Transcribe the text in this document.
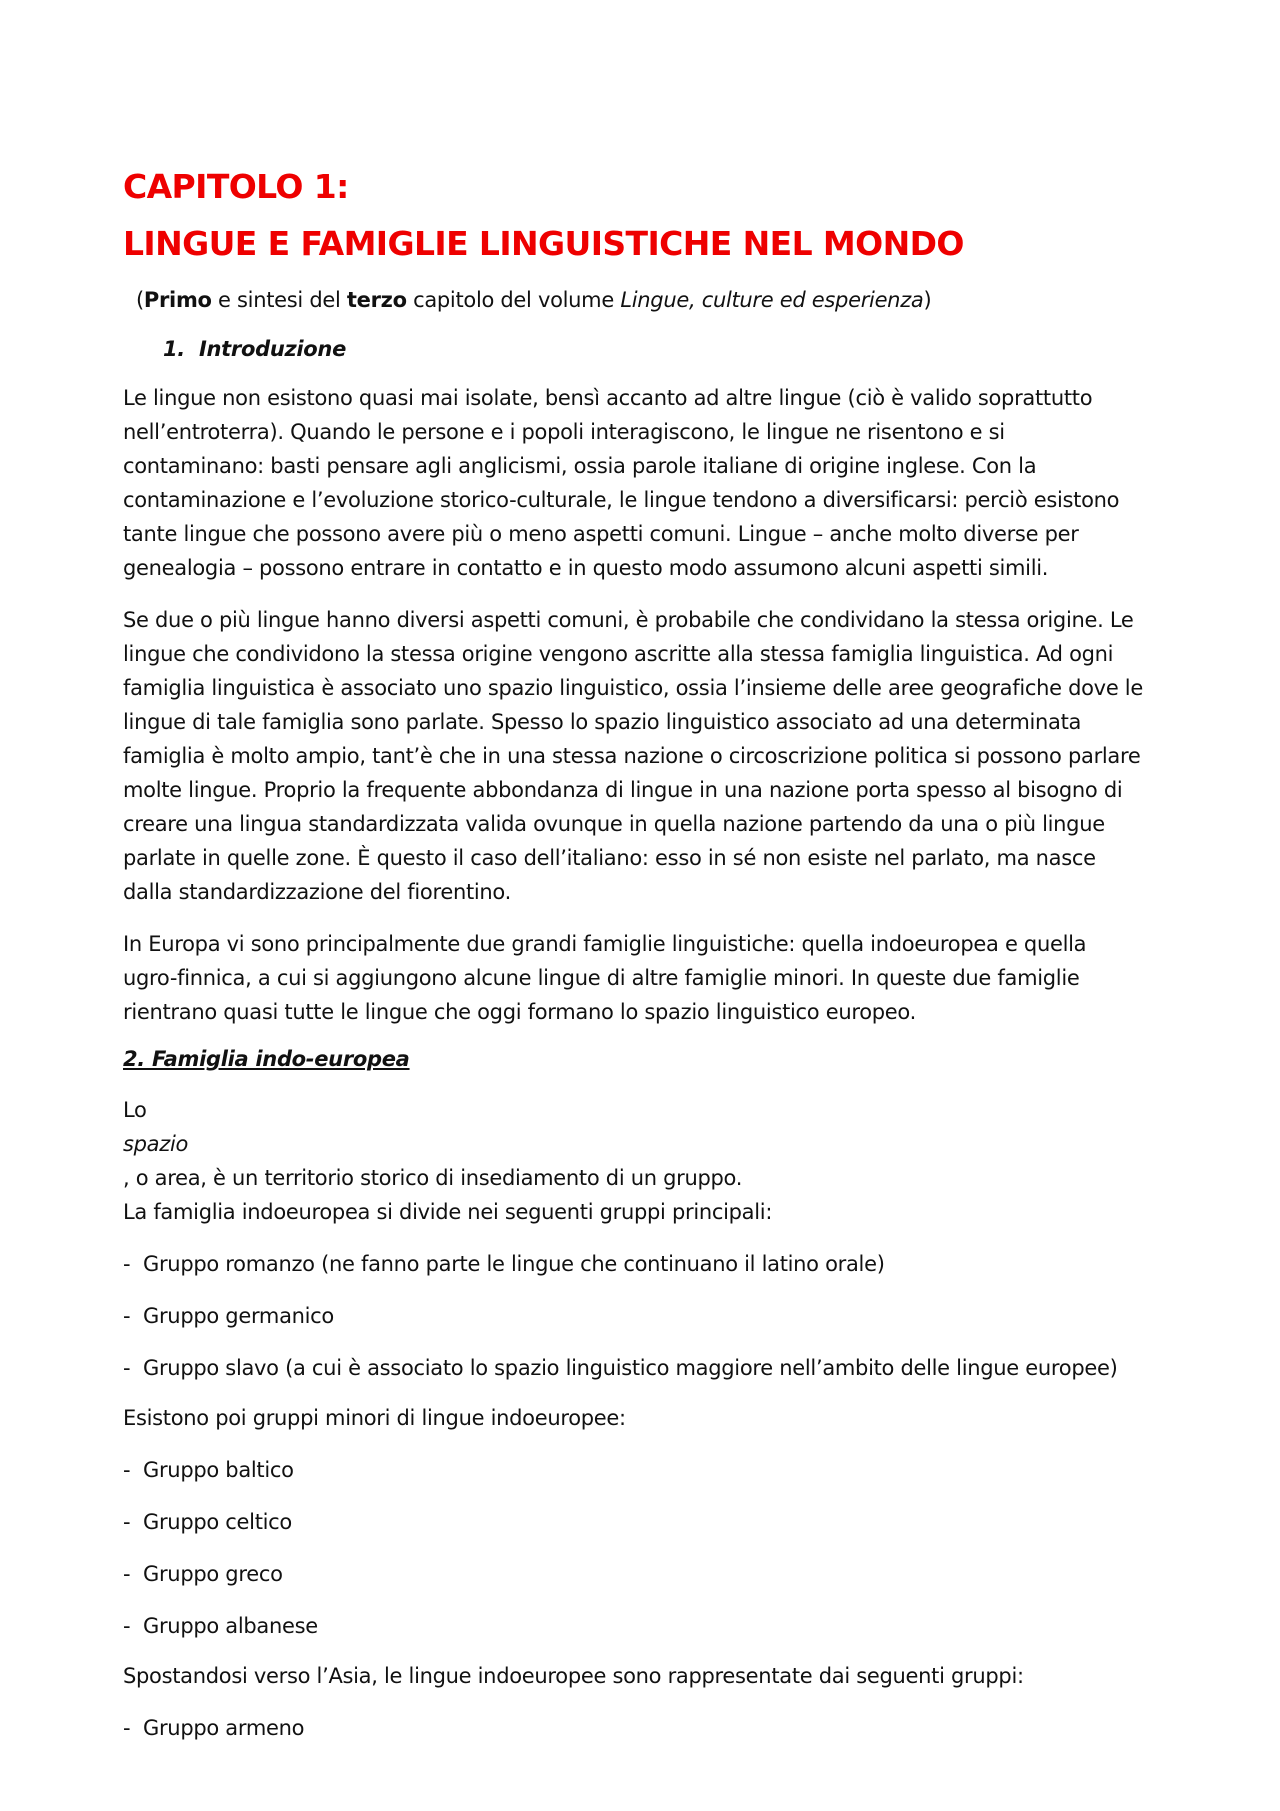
CAPITOLO 1:
LINGUE E FAMIGLIE LINGUISTICHE NEL MONDO

(Primo e sintesi del terzo capitolo del volume Lingue, culture ed esperienza)

1. Introduzione

Le lingue non esistono quasi mai isolate, bensì accanto ad altre lingue (ciò è valido soprattutto
nell’entroterra). Quando le persone e i popoli interagiscono, le lingue ne risentono e si
contaminano: basti pensare agli anglicismi, ossia parole italiane di origine inglese. Con la
contaminazione e l’evoluzione storico-culturale, le lingue tendono a diversificarsi: perciò esistono
tante lingue che possono avere più o meno aspetti comuni. Lingue – anche molto diverse per
genealogia – possono entrare in contatto e in questo modo assumono alcuni aspetti simili.

Se due o più lingue hanno diversi aspetti comuni, è probabile che condividano la stessa origine. Le
lingue che condividono la stessa origine vengono ascritte alla stessa famiglia linguistica. Ad ogni
famiglia linguistica è associato uno spazio linguistico, ossia l’insieme delle aree geografiche dove le
lingue di tale famiglia sono parlate. Spesso lo spazio linguistico associato ad una determinata
famiglia è molto ampio, tant’è che in una stessa nazione o circoscrizione politica si possono parlare
molte lingue. Proprio la frequente abbondanza di lingue in una nazione porta spesso al bisogno di
creare una lingua standardizzata valida ovunque in quella nazione partendo da una o più lingue
parlate in quelle zone. È questo il caso dell’italiano: esso in sé non esiste nel parlato, ma nasce
dalla standardizzazione del fiorentino.

In Europa vi sono principalmente due grandi famiglie linguistiche: quella indoeuropea e quella
ugro-finnica, a cui si aggiungono alcune lingue di altre famiglie minori. In queste due famiglie
rientrano quasi tutte le lingue che oggi formano lo spazio linguistico europeo.

2. Famiglia indo-europea

Lo
spazio
, o area, è un territorio storico di insediamento di un gruppo.
La famiglia indoeuropea si divide nei seguenti gruppi principali:

- Gruppo romanzo (ne fanno parte le lingue che continuano il latino orale)

- Gruppo germanico

- Gruppo slavo (a cui è associato lo spazio linguistico maggiore nell’ambito delle lingue europee)

Esistono poi gruppi minori di lingue indoeuropee:

- Gruppo baltico

- Gruppo celtico

- Gruppo greco

- Gruppo albanese

Spostandosi verso l’Asia, le lingue indoeuropee sono rappresentate dai seguenti gruppi:

- Gruppo armeno
